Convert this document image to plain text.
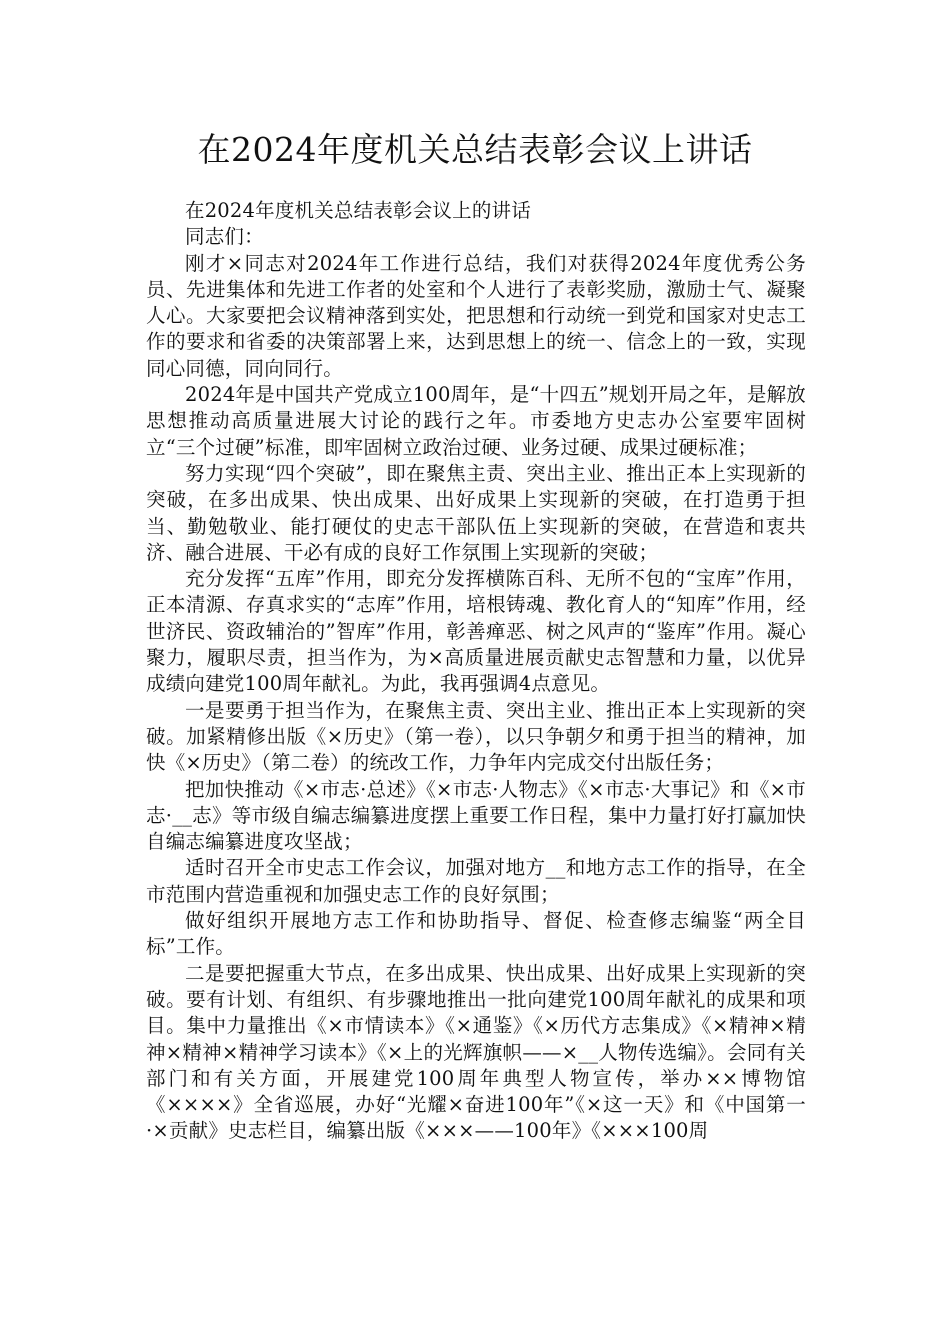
在2024年度机关总结表彰会议上讲话

在2024年度机关总结表彰会议上的讲话

同志们：

刚才×同志对2024年工作进行总结，我们对获得2024年度优秀公务员、先进集体和先进工作者的处室和个人进行了表彰奖励，激励士气、凝聚人心。大家要把会议精神落到实处，把思想和行动统一到党和国家对史志工作的要求和省委的决策部署上来，达到思想上的统一、信念上的一致，实现同心同德，同向同行。

2024年是中国共产党成立100周年，是“十四五”规划开局之年，是解放思想推动高质量进展大讨论的践行之年。市委地方史志办公室要牢固树立“三个过硬”标准，即牢固树立政治过硬、业务过硬、成果过硬标准；

努力实现“四个突破”，即在聚焦主责、突出主业、推出正本上实现新的突破，在多出成果、快出成果、出好成果上实现新的突破，在打造勇于担当、勤勉敬业、能打硬仗的史志干部队伍上实现新的突破，在营造和衷共济、融合进展、干必有成的良好工作氛围上实现新的突破；

充分发挥“五库”作用，即充分发挥横陈百科、无所不包的“宝库”作用，正本清源、存真求实的“志库”作用，培根铸魂、教化育人的“知库”作用，经世济民、资政辅治的”智库”作用，彰善瘅恶、树之风声的“鉴库”作用。凝心聚力，履职尽责，担当作为，为×高质量进展贡献史志智慧和力量，以优异成绩向建党100周年献礼。为此，我再强调4点意见。

一是要勇于担当作为，在聚焦主责、突出主业、推出正本上实现新的突破。加紧精修出版《×历史》（第一卷），以只争朝夕和勇于担当的精神，加快《×历史》（第二卷）的统改工作，力争年内完成交付出版任务；

把加快推动《×市志·总述》《×市志·人物志》《×市志·大事记》和《×市志·__志》等市级自编志编纂进度摆上重要工作日程，集中力量打好打赢加快自编志编纂进度攻坚战；

适时召开全市史志工作会议，加强对地方__和地方志工作的指导，在全市范围内营造重视和加强史志工作的良好氛围；

做好组织开展地方志工作和协助指导、督促、检查修志编鉴“两全目标”工作。

二是要把握重大节点，在多出成果、快出成果、出好成果上实现新的突破。要有计划、有组织、有步骤地推出一批向建党100周年献礼的成果和项目。集中力量推出《×市情读本》《×通鉴》《×历代方志集成》《×精神×精神×精神×精神学习读本》《×上的光辉旗帜——×__人物传选编》。会同有关部门和有关方面，开展建党100周年典型人物宣传，举办××博物馆《××××》全省巡展，办好“光耀×奋进100年”《×这一天》和《中国第一·×贡献》史志栏目，编纂出版《×××——100年》《×××100周
